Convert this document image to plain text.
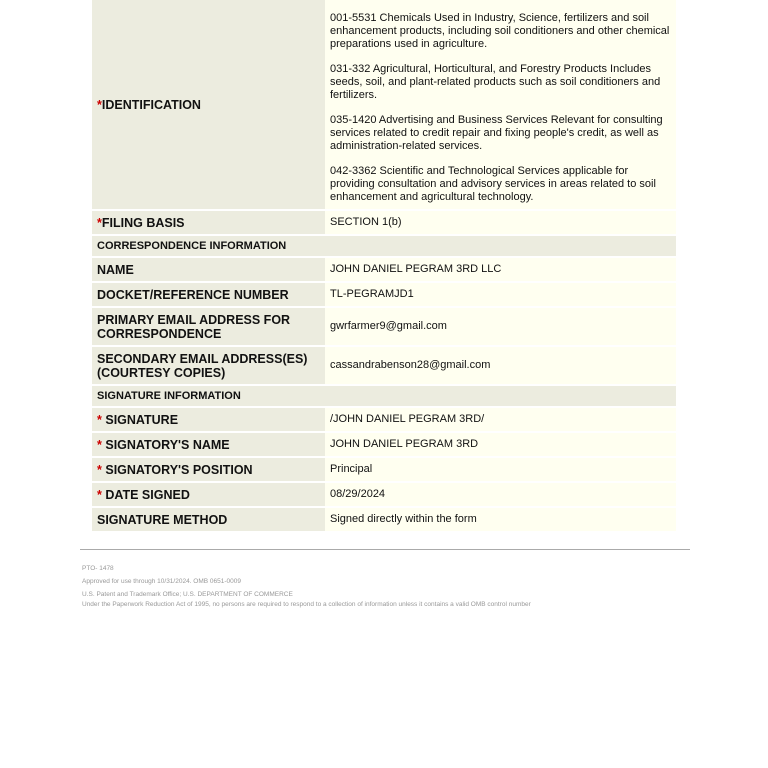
*IDENTIFICATION	001-5531 Chemicals Used in Industry, Science, fertilizers and soil enhancement products, including soil conditioners and other chemical preparations used in agriculture.

031-332 Agricultural, Horticultural, and Forestry Products Includes seeds, soil, and plant-related products such as soil conditioners and fertilizers.

035-1420 Advertising and Business Services Relevant for consulting services related to credit repair and fixing people's credit, as well as administration-related services.

042-3362 Scientific and Technological Services applicable for providing consultation and advisory services in areas related to soil enhancement and agricultural technology.

*FILING BASIS	SECTION 1(b)
CORRESPONDENCE INFORMATION	
NAME	JOHN DANIEL PEGRAM 3RD LLC
DOCKET/REFERENCE NUMBER	TL-PEGRAMJD1
PRIMARY EMAIL ADDRESS FOR CORRESPONDENCE	gwrfarmer9@gmail.com
SECONDARY EMAIL ADDRESS(ES) (COURTESY COPIES)	cassandrabenson28@gmail.com
SIGNATURE INFORMATION	
* SIGNATURE	/JOHN DANIEL PEGRAM 3RD/
* SIGNATORY'S NAME	JOHN DANIEL PEGRAM 3RD
* SIGNATORY'S POSITION	Principal
* DATE SIGNED	08/29/2024
SIGNATURE METHOD	Signed directly within the form
PTO- 1478
Approved for use through 10/31/2024. OMB 0651-0009
U.S. Patent and Trademark Office; U.S. DEPARTMENT OF COMMERCE
Under the Paperwork Reduction Act of 1995, no persons are required to respond to a collection of information unless it contains a valid OMB control number
